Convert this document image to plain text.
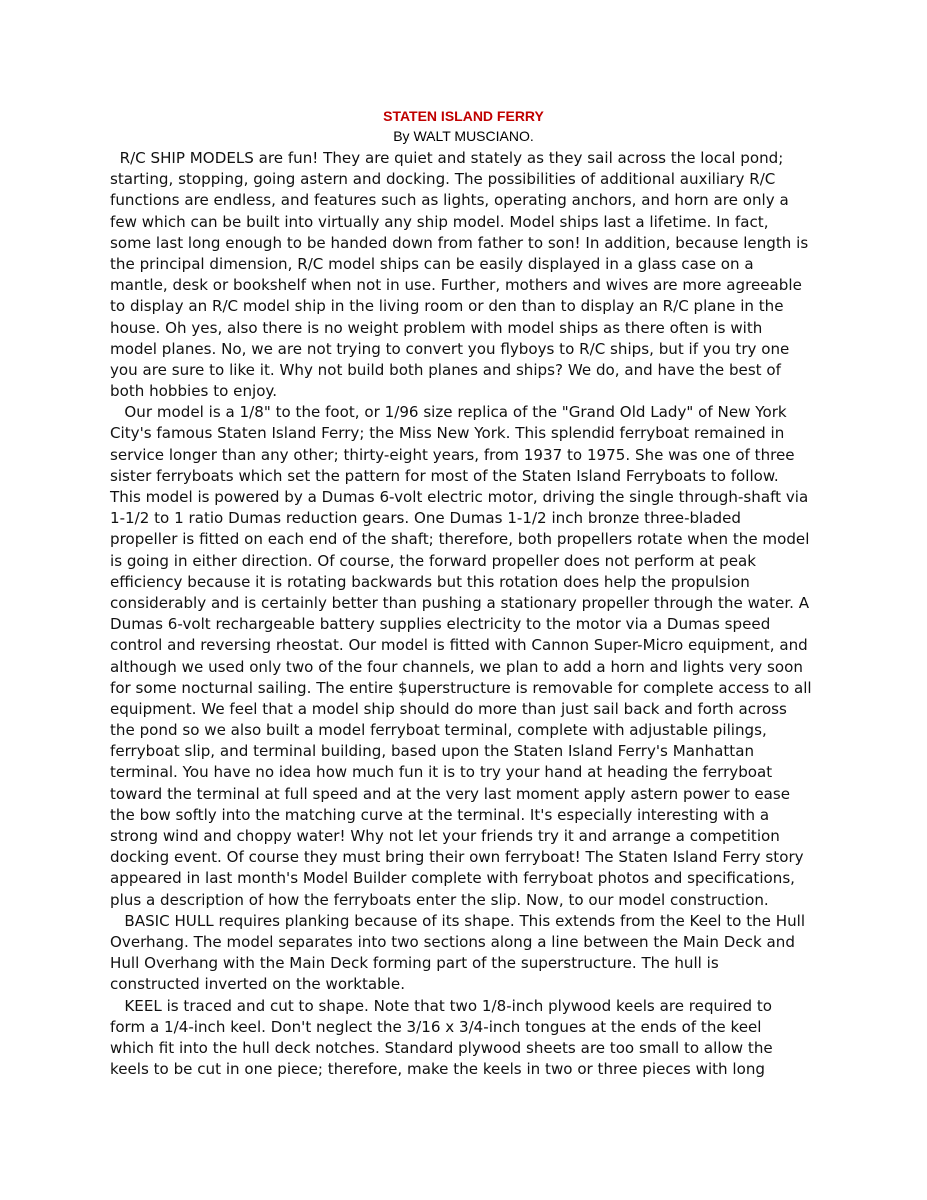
STATEN ISLAND FERRY
By WALT MUSCIANO.
R/C SHIP MODELS are fun! They are quiet and stately as they sail across the local pond;
starting, stopping, going astern and docking. The possibilities of additional auxiliary R/C
functions are endless, and features such as lights, operating anchors, and horn are only a
few which can be built into virtually any ship model. Model ships last a lifetime. In fact,
some last long enough to be handed down from father to son! In addition, because length is
the principal dimension, R/C model ships can be easily displayed in a glass case on a
mantle, desk or bookshelf when not in use. Further, mothers and wives are more agreeable
to display an R/C model ship in the living room or den than to display an R/C plane in the
house. Oh yes, also there is no weight problem with model ships as there often is with
model planes. No, we are not trying to convert you flyboys to R/C ships, but if you try one
you are sure to like it. Why not build both planes and ships? We do, and have the best of
both hobbies to enjoy.
Our model is a 1/8" to the foot, or 1/96 size replica of the "Grand Old Lady" of New York
City's famous Staten Island Ferry; the Miss New York. This splendid ferryboat remained in
service longer than any other; thirty-eight years, from 1937 to 1975. She was one of three
sister ferryboats which set the pattern for most of the Staten Island Ferryboats to follow.
This model is powered by a Dumas 6-volt electric motor, driving the single through-shaft via
1-1/2 to 1 ratio Dumas reduction gears. One Dumas 1-1/2 inch bronze three-bladed
propeller is fitted on each end of the shaft; therefore, both propellers rotate when the model
is going in either direction. Of course, the forward propeller does not perform at peak
efficiency because it is rotating backwards but this rotation does help the propulsion
considerably and is certainly better than pushing a stationary propeller through the water. A
Dumas 6-volt rechargeable battery supplies electricity to the motor via a Dumas speed
control and reversing rheostat. Our model is fitted with Cannon Super-Micro equipment, and
although we used only two of the four channels, we plan to add a horn and lights very soon
for some nocturnal sailing. The entire $uperstructure is removable for complete access to all
equipment. We feel that a model ship should do more than just sail back and forth across
the pond so we also built a model ferryboat terminal, complete with adjustable pilings,
ferryboat slip, and terminal building, based upon the Staten Island Ferry's Manhattan
terminal. You have no idea how much fun it is to try your hand at heading the ferryboat
toward the terminal at full speed and at the very last moment apply astern power to ease
the bow softly into the matching curve at the terminal. It's especially interesting with a
strong wind and choppy water! Why not let your friends try it and arrange a competition
docking event. Of course they must bring their own ferryboat! The Staten Island Ferry story
appeared in last month's Model Builder complete with ferryboat photos and specifications,
plus a description of how the ferryboats enter the slip. Now, to our model construction.
BASIC HULL requires planking because of its shape. This extends from the Keel to the Hull
Overhang. The model separates into two sections along a line between the Main Deck and
Hull Overhang with the Main Deck forming part of the superstructure. The hull is
constructed inverted on the worktable.
KEEL is traced and cut to shape. Note that two 1/8-inch plywood keels are required to
form a 1/4-inch keel. Don't neglect the 3/16 x 3/4-inch tongues at the ends of the keel
which fit into the hull deck notches. Standard plywood sheets are too small to allow the
keels to be cut in one piece; therefore, make the keels in two or three pieces with long
